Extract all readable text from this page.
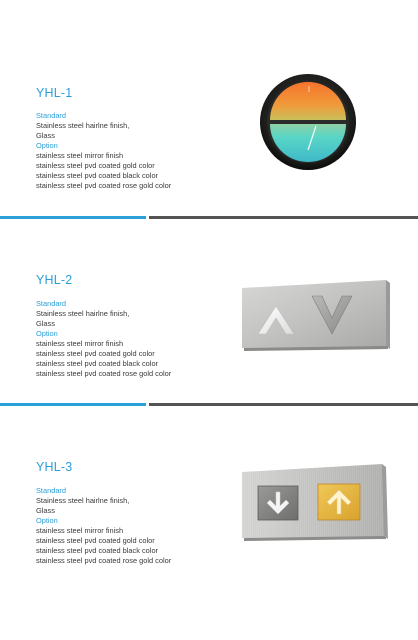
YHL-1
Standard
Stainless steel hairlne finish,
Glass
Option
stainless steel mirror finish
stainless steel pvd coated gold color
stainless steel pvd coated black color
stainless steel pvd coated rose gold color
YHL-2
Standard
Stainless steel hairlne finish,
Glass
Option
stainless steel mirror finish
stainless steel pvd coated gold color
stainless steel pvd coated black color
stainless steel pvd coated rose gold color
YHL-3
Standard
Stainless steel hairlne finish,
Glass
Option
stainless steel mirror finish
stainless steel pvd coated gold color
stainless steel pvd coated black color
stainless steel pvd coated rose gold color
